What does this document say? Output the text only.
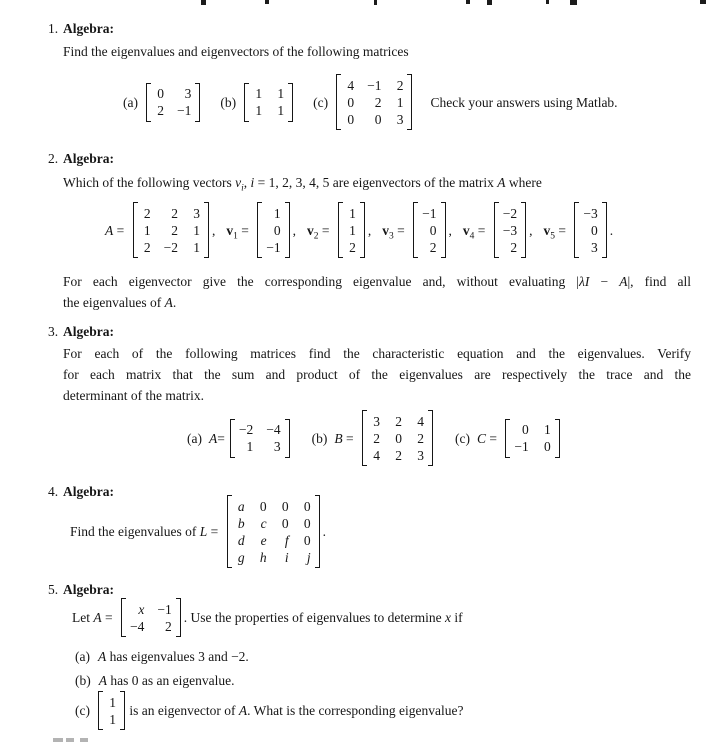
1. Algebra:
Find the eigenvalues and eigenvectors of the following matrices
(a)
0	3
2 −1
(b)
1 1
1 1
(c)
4 −1 2
0	2 1
0	0 3
Check your answers using Matlab.
2. Algebra:
Which of the following vectors $v_i$, i = 1, 2, 3, 4, 5 are eigenvectors of the matrix A where
A =
2	2 3
1	2 1
2 −2 1
, $v_1$ =
1
0
−1
, $v_2$ =
1
1
2
, $v_3$ =
−1
0
2
, $v_4$ =
−2
−3
2
, $v_5$ =
−3
0
3
.
For each eigenvector give the corresponding eigenvalue and, without evaluating |λI − A|, find all
the eigenvalues of A.
3. Algebra:
For each of the following matrices find the characteristic equation and the eigenvalues. Verify
for each matrix that the sum and product of the eigenvalues are respectively the trace and the
determinant of the matrix.
(a) A=
−2 −4
1	3
(b) B =
3 2 4
2 0 2
4 2 3
(c) C =
0 1
−1 0
4. Algebra:
Find the eigenvalues of L =
a 0 0 0
b c 0 0
d e	f 0
g h	i	j
.
5. Algebra:
Let A =
x −1
−4	2
. Use the properties of eigenvalues to determine x if
(a) A has eigenvalues 3 and −2.
(b) A has 0 as an eigenvalue.
(c)
1
1
is an eigenvector of A. What is the corresponding eigenvalue?
